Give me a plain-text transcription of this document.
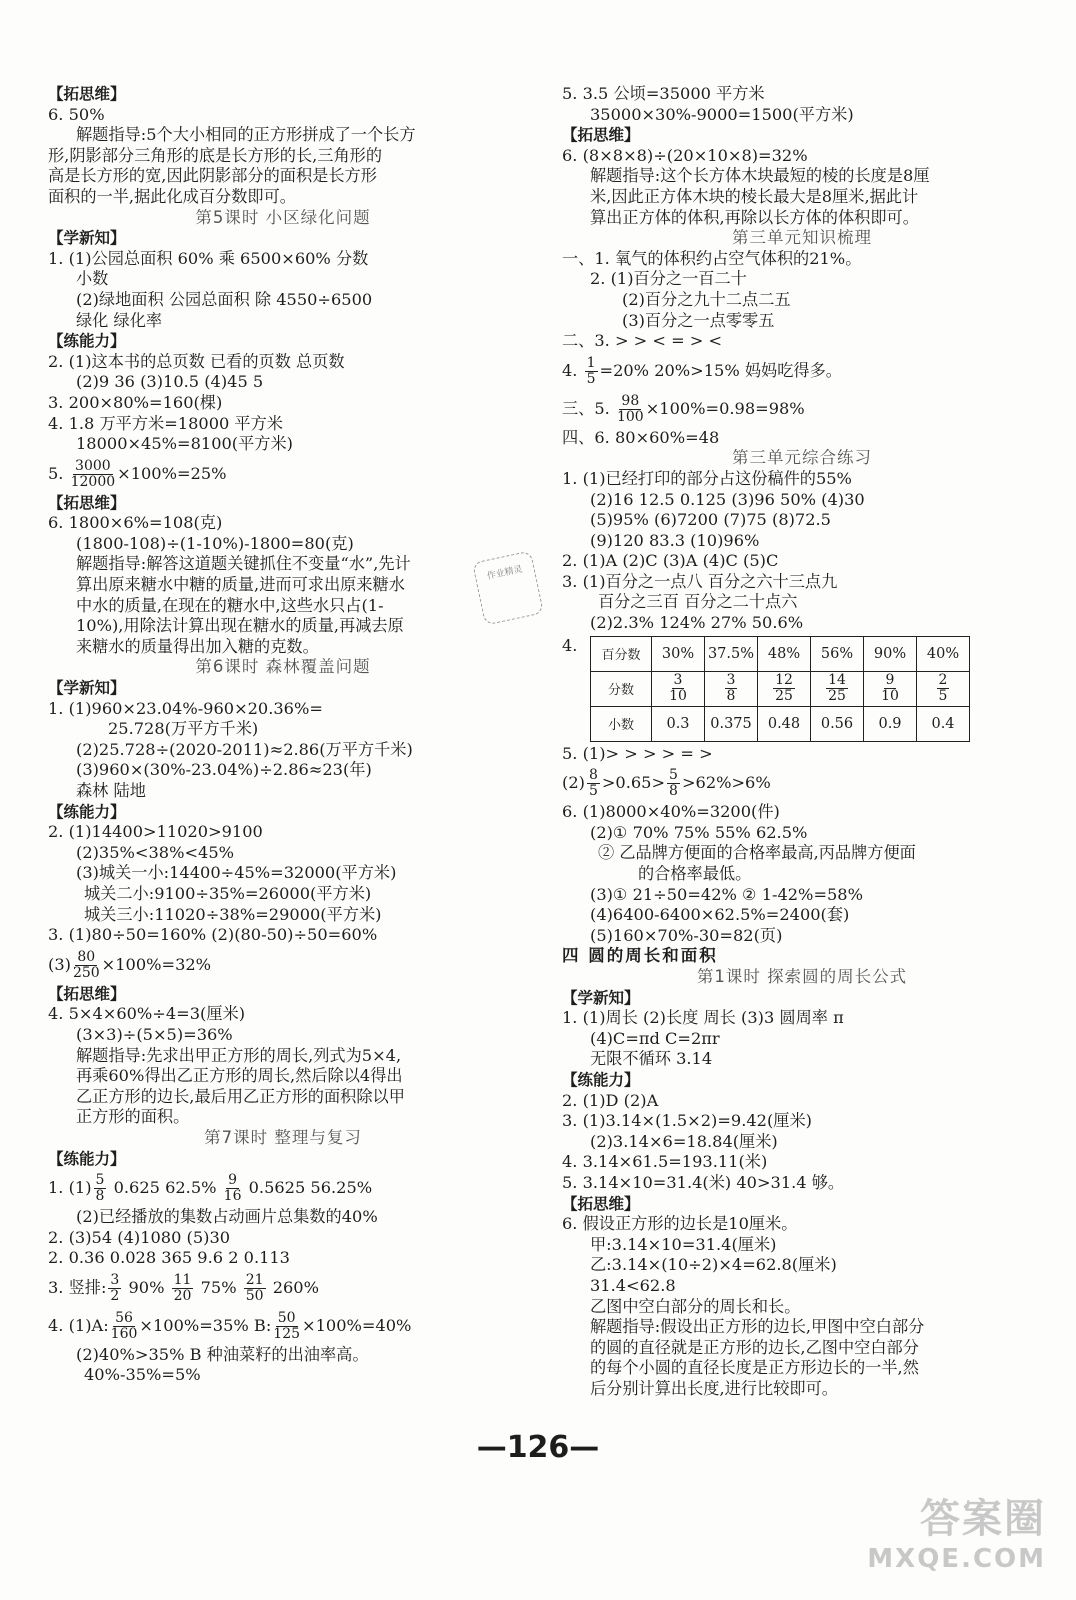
【拓思维】
6. 50%
解题指导:5个大小相同的正方形拼成了一个长方
形,阴影部分三角形的底是长方形的长,三角形的
高是长方形的宽,因此阴影部分的面积是长方形
面积的一半,据此化成百分数即可。
第5课时 小区绿化问题
【学新知】
1. (1)公园总面积 60% 乘 6500×60% 分数
小数
(2)绿地面积 公园总面积 除 4550÷6500
绿化 绿化率
【练能力】
2. (1)这本书的总页数 已看的页数 总页数
(2)9 36 (3)10.5 (4)45 5
3. 200×80%=160(棵)
4. 1.8 万平方米=18000 平方米
18000×45%=8100(平方米)
5. $\frac{3000}{12000} \times 100\%=25\%$
【拓思维】
6. 1800×6%=108(克)
(1800-108)÷(1-10%)-1800=80(克)
解题指导:解答这道题关键抓住不变量“水”,先计
算出原来糖水中糖的质量,进而可求出原来糖水
中水的质量,在现在的糖水中,这些水只占(1-
10%),用除法计算出现在糖水的质量,再减去原
来糖水的质量得出加入糖的克数。
第6课时 森林覆盖问题
【学新知】
1. (1)960×23.04%-960×20.36%=
25.728(万平方千米)
(2)25.728÷(2020-2011)≈2.86(万平方千米)
(3)960×(30%-23.04%)÷2.86≈23(年)
森林 陆地
【练能力】
2. (1)14400>11020>9100
(2)35%<38%<45%
(3)城关一小:14400÷45%=32000(平方米)
城关二小:9100÷35%=26000(平方米)
城关三小:11020÷38%=29000(平方米)
3. (1)80÷50=160% (2)(80-50)÷50=60%
$(3) \frac{80}{250} \times 100\%=32\%$
【拓思维】
4. 5×4×60%÷4=3(厘米)
(3×3)÷(5×5)=36%
解题指导:先求出甲正方形的周长,列式为5×4,
再乘60%得出乙正方形的周长,然后除以4得出
乙正方形的边长,最后用乙正方形的面积除以甲
正方形的面积。
第7课时 整理与复习
【练能力】
1. $(1) \frac{5}{8} 0.625$ $62.5\% \frac{9}{16} 0.5625$ 56.25%
(2)已经播放的集数占动画片总集数的40%
2. (3)54 (4)1080 (5)30
2. 0.36 0.028 365 9.6 2 0.113
3. 竖排: $\frac{3}{2} 90\% \frac{11}{20} 75\% \frac{21}{50} 260\%$
4. (1)A: $\frac{56}{160} \times 100\%=35\%$ B: $\frac{50}{125} \times 100\%=40\%$
(2)40%>35% B 种油菜籽的出油率高。
40%-35%=5%
5. 3.5 公顷=35000 平方米
35000×30%-9000=1500(平方米)
【拓思维】
6. (8×8×8)÷(20×10×8)=32%
解题指导:这个长方体木块最短的棱的长度是8厘
米,因此正方体木块的棱长最大是8厘米,据此计
算出正方体的体积,再除以长方体的体积即可。
第三单元知识梳理
一、1. 氧气的体积约占空气体积的21%。
2. (1)百分之一百二十
(2)百分之九十二点二五
(3)百分之一点零零五
二、3. > > < = > <
4. $\frac{1}{5} =20\%$ 20%>15% 妈妈吃得多。
三、5. $\frac{98}{100} \times 100\%=0.98=98\%$
四、6. 80×60%=48
第三单元综合练习
1. (1)已经打印的部分占这份稿件的55%
(2)16 12.5 0.125 (3)96 50% (4)30
(5)95% (6)7200 (7)75 (8)72.5
(9)120 83.3 (10)96%
2. (1)A (2)C (3)A (4)C (5)C
3. (1)百分之一点八 百分之六十三点九
百分之三百 百分之二十点六
(2)2.3% 124% 27% 50.6%
4.
百分数	30%	37.5%	48%	56%	90%	40%
分数	$\frac{3}{10}$	$\frac{3}{8}$	$\frac{12}{25}$	$\frac{14}{25}$	$\frac{9}{10}$	$\frac{2}{5}$

小数	0.3	0.375	0.48	0.56	0.9	0.4
5. (1)> > > > = >
$(2) \frac{8}{5} >0.65> \frac{5}{8} >62\%>6\%$
6. (1)8000×40%=3200(件)
(2)① 70% 75% 55% 62.5%
② 乙品牌方便面的合格率最高,丙品牌方便面
的合格率最低。
(3)① 21÷50=42% ② 1-42%=58%
(4)6400-6400×62.5%=2400(套)
(5)160×70%-30=82(页)
四 圆的周长和面积
第1课时 探索圆的周长公式
【学新知】
1. (1)周长 (2)长度 周长 (3)3 圆周率 π
(4)C=πd C=2πr
无限不循环 3.14
【练能力】
2. (1)D (2)A
3. (1)3.14×(1.5×2)=9.42(厘米)
(2)3.14×6=18.84(厘米)
4. 3.14×61.5=193.11(米)
5. 3.14×10=31.4(米) 40>31.4 够。
【拓思维】
6. 假设正方形的边长是10厘米。
甲:3.14×10=31.4(厘米)
乙:3.14×(10÷2)×4=62.8(厘米)
31.4<62.8
乙图中空白部分的周长和长。
解题指导:假设出正方形的边长,甲图中空白部分
的圆的直径就是正方形的边长,乙图中空白部分
的每个小圆的直径长度是正方形边长的一半,然
后分别计算出长度,进行比较即可。
作业精灵
—126—
答案圈
MXQE.COM
